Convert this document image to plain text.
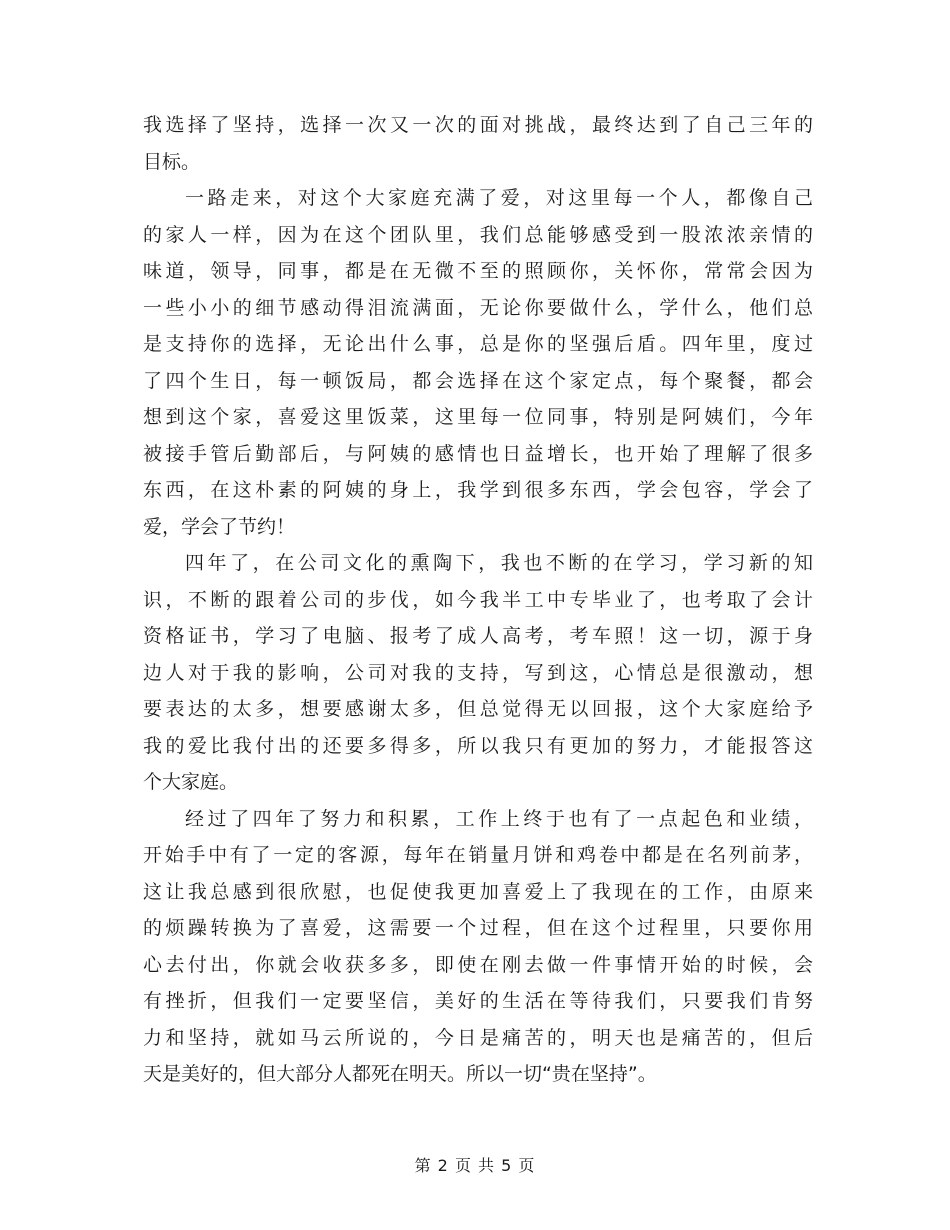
我选择了坚持，选择一次又一次的面对挑战，最终达到了自己三年的
目标。
一路走来，对这个大家庭充满了爱，对这里每一个人，都像自己
的家人一样，因为在这个团队里，我们总能够感受到一股浓浓亲情的
味道，领导，同事，都是在无微不至的照顾你，关怀你，常常会因为
一些小小的细节感动得泪流满面，无论你要做什么，学什么，他们总
是支持你的选择，无论出什么事，总是你的坚强后盾。四年里，度过
了四个生日，每一顿饭局，都会选择在这个家定点，每个聚餐，都会
想到这个家，喜爱这里饭菜，这里每一位同事，特别是阿姨们，今年
被接手管后勤部后，与阿姨的感情也日益增长，也开始了理解了很多
东西，在这朴素的阿姨的身上，我学到很多东西，学会包容，学会了
爱，学会了节约！
四年了，在公司文化的熏陶下，我也不断的在学习，学习新的知
识，不断的跟着公司的步伐，如今我半工中专毕业了，也考取了会计
资格证书，学习了电脑、报考了成人高考，考车照！这一切，源于身
边人对于我的影响，公司对我的支持，写到这，心情总是很激动，想
要表达的太多，想要感谢太多，但总觉得无以回报，这个大家庭给予
我的爱比我付出的还要多得多，所以我只有更加的努力，才能报答这
个大家庭。
经过了四年了努力和积累，工作上终于也有了一点起色和业绩，
开始手中有了一定的客源，每年在销量月饼和鸡卷中都是在名列前茅，
这让我总感到很欣慰，也促使我更加喜爱上了我现在的工作，由原来
的烦躁转换为了喜爱，这需要一个过程，但在这个过程里，只要你用
心去付出，你就会收获多多，即使在刚去做一件事情开始的时候，会
有挫折，但我们一定要坚信，美好的生活在等待我们，只要我们肯努
力和坚持，就如马云所说的，今日是痛苦的，明天也是痛苦的，但后
天是美好的，但大部分人都死在明天。所以一切“贵在坚持”。
第 2 页 共 5 页
